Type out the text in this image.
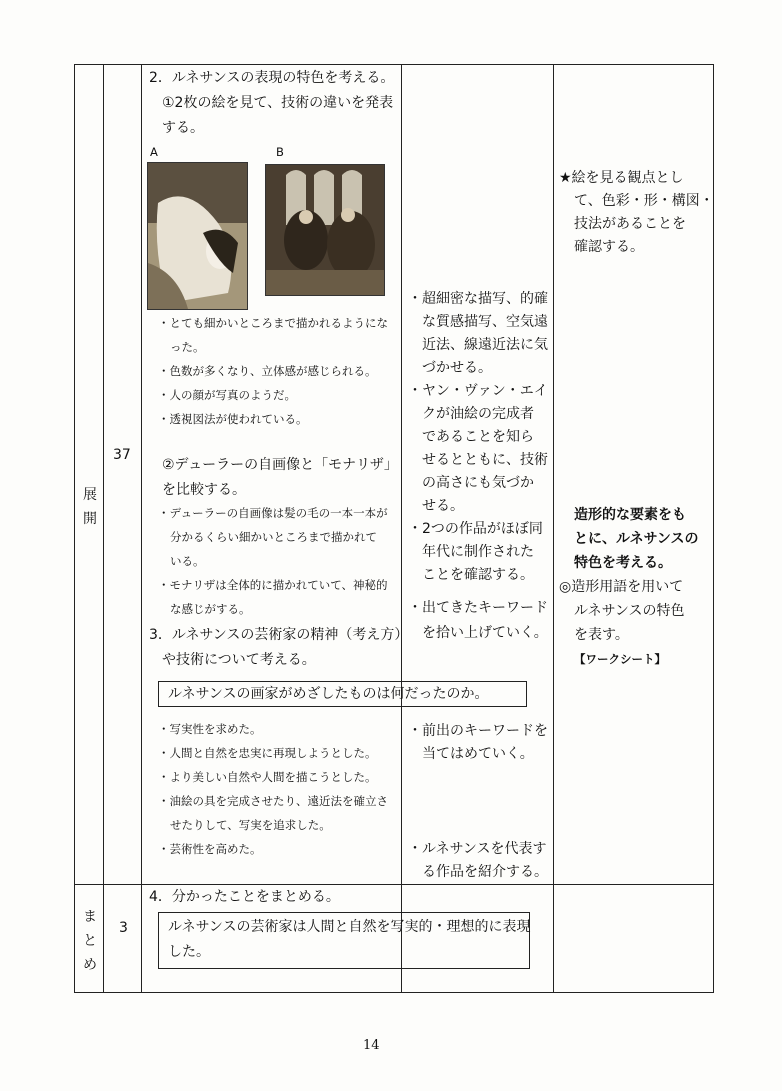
展
開
37
ま
と
め
3
2．ルネサンスの表現の特色を考える。
①2枚の絵を見て、技術の違いを発表
する。
A	B
・とても細かいところまで描かれるようにな
った。
・色数が多くなり、立体感が感じられる。
・人の顔が写真のようだ。
・透視図法が使われている。
②デューラーの自画像と「モナリザ」
を比較する。
・デューラーの自画像は髪の毛の一本一本が
分かるくらい細かいところまで描かれて
いる。
・モナリザは全体的に描かれていて、神秘的
な感じがする。
3．ルネサンスの芸術家の精神（考え方）
や技術について考える。
ルネサンスの画家がめざしたものは何だったのか。
・写実性を求めた。
・人間と自然を忠実に再現しようとした。
・より美しい自然や人間を描こうとした。
・油絵の具を完成させたり、遠近法を確立さ
せたりして、写実を追求した。
・芸術性を高めた。
4．分かったことをまとめる。
ルネサンスの芸術家は人間と自然を写実的・理想的に表現
した。
・超細密な描写、的確
な質感描写、空気遠
近法、線遠近法に気
づかせる。
・ヤン・ヴァン・エイ
クが油絵の完成者
であることを知ら
せるとともに、技術
の高さにも気づか
せる。
・2つの作品がほぼ同
年代に制作された
ことを確認する。
・出てきたキーワード
を拾い上げていく。
・前出のキーワードを
当てはめていく。
・ルネサンスを代表す
る作品を紹介する。
★絵を見る観点とし
て、色彩・形・構図・
技法があることを
確認する。
造形的な要素をも
とに、ルネサンスの
特色を考える。
◎造形用語を用いて
ルネサンスの特色
を表す。
【ワークシート】
14
